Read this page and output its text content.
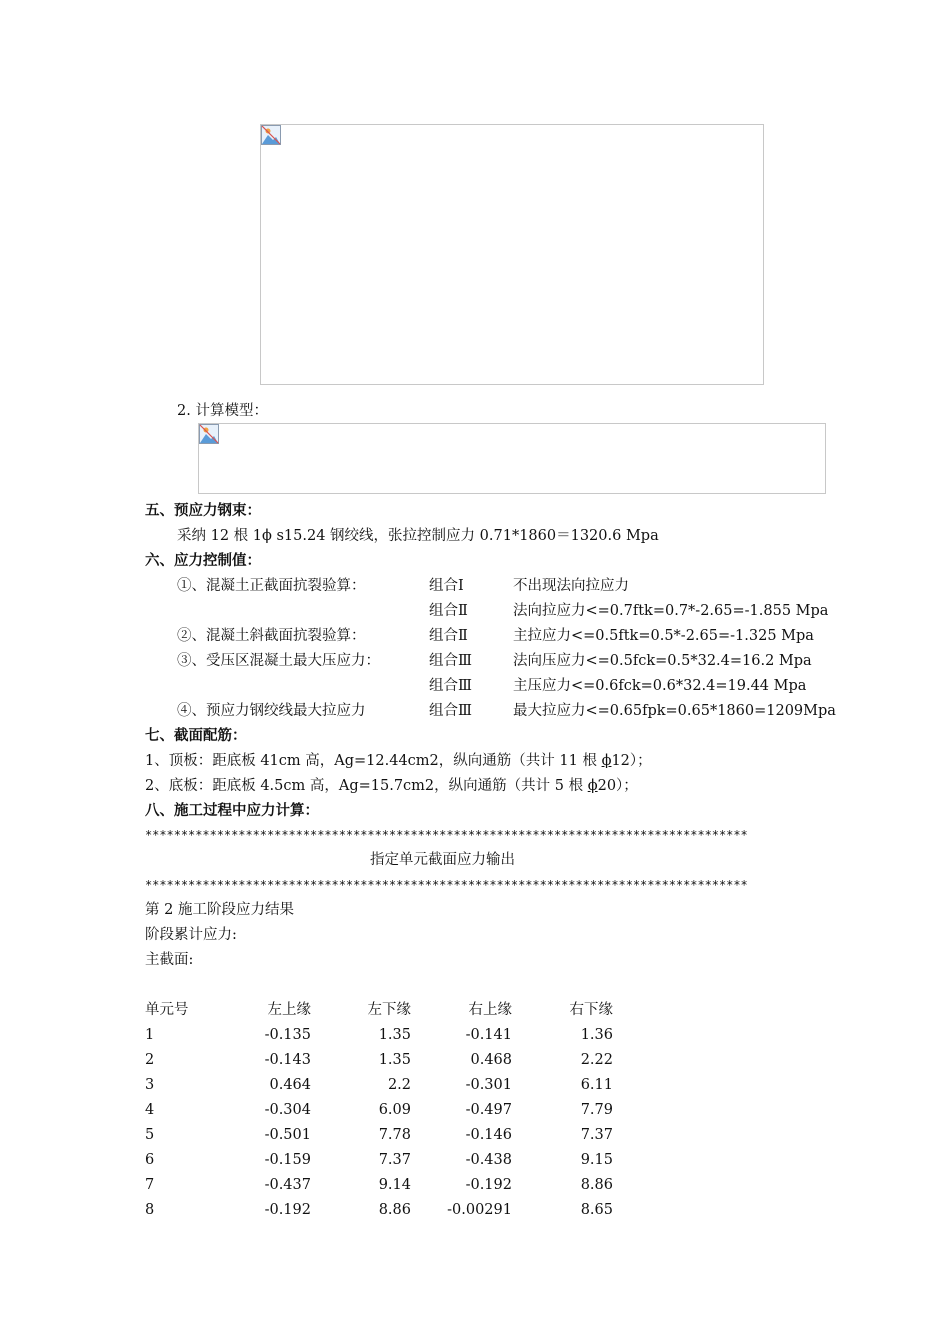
2. 计算模型：
五、预应力钢束：
采纳 12 根 1ϕ s15.24 钢绞线，张拉控制应力 0.71*1860＝1320.6 Mpa
六、应力控制值：
①、混凝土正截面抗裂验算：	组合Ⅰ	不出现法向拉应力
组合Ⅱ	法向拉应力<=0.7ftk=0.7*-2.65=-1.855 Mpa
②、混凝土斜截面抗裂验算：	组合Ⅱ	主拉应力<=0.5ftk=0.5*-2.65=-1.325 Mpa
③、受压区混凝土最大压应力：	组合Ⅲ	法向压应力<=0.5fck=0.5*32.4=16.2 Mpa
组合Ⅲ	主压应力<=0.6fck=0.6*32.4=19.44 Mpa
④、预应力钢绞线最大拉应力	组合Ⅲ	最大拉应力<=0.65fpk=0.65*1860=1209Mpa
七、截面配筋：
1、顶板：距底板 41cm 高，Ag=12.44cm2，纵向通筋（共计 11 根 ϕ12）；
2、底板：距底板 4.5cm 高，Ag=15.7cm2，纵向通筋（共计 5 根 ϕ20）；
八、施工过程中应力计算：
************************************************************************************
指定单元截面应力输出
************************************************************************************
第 2 施工阶段应力结果
阶段累计应力:
主截面:
单元号	左上缘	左下缘	右上缘	右下缘
1	-0.135	1.35	-0.141	1.36
2	-0.143	1.35	0.468	2.22
3	0.464	2.2	-0.301	6.11
4	-0.304	6.09	-0.497	7.79
5	-0.501	7.78	-0.146	7.37
6	-0.159	7.37	-0.438	9.15
7	-0.437	9.14	-0.192	8.86
8	-0.192	8.86 -0.00291	8.65
